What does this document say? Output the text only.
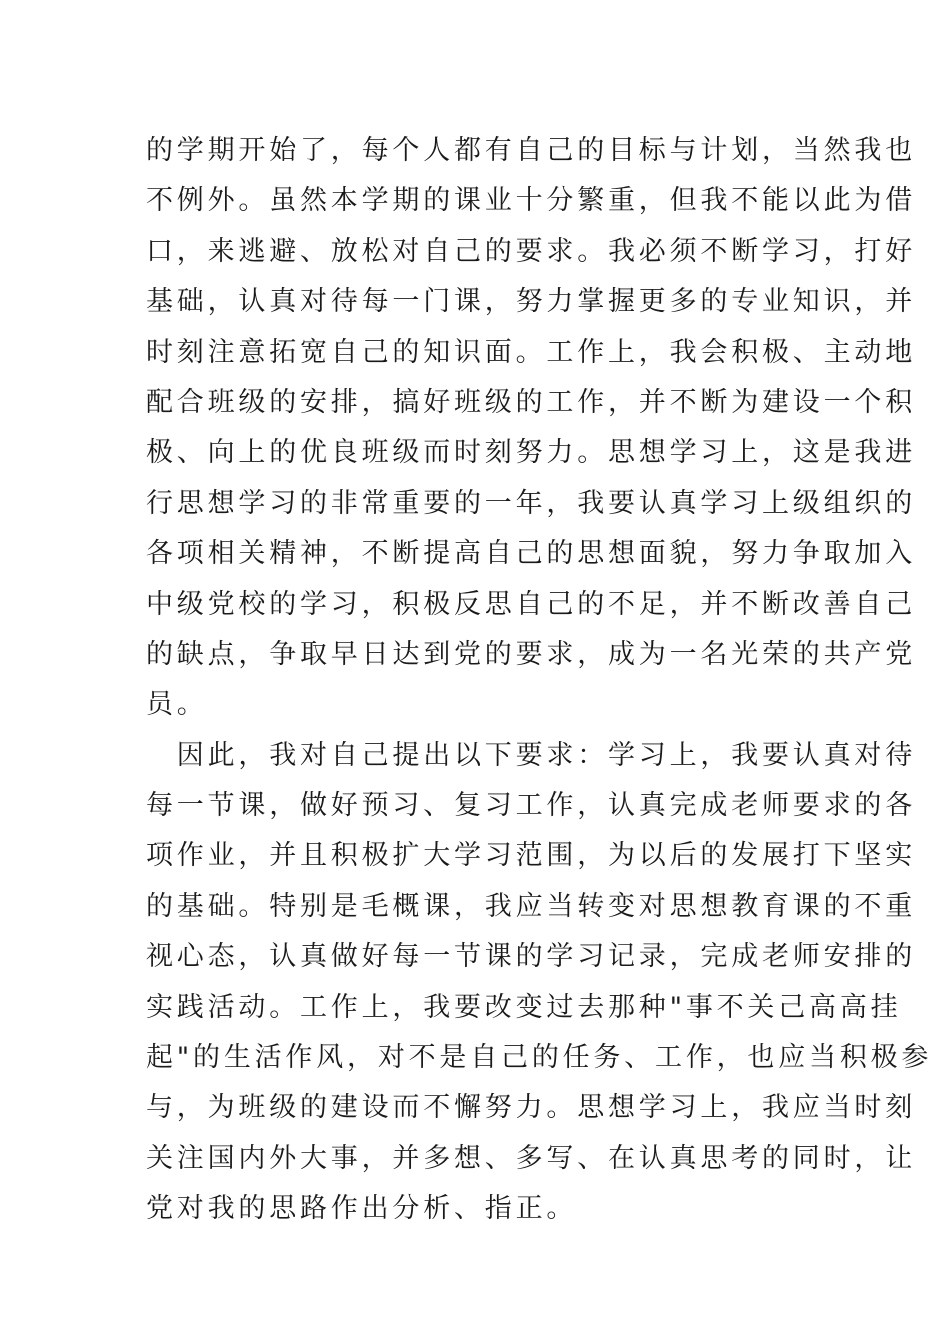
的学期开始了，每个人都有自己的目标与计划，当然我也
不例外。虽然本学期的课业十分繁重，但我不能以此为借
口，来逃避、放松对自己的要求。我必须不断学习，打好
基础，认真对待每一门课，努力掌握更多的专业知识，并
时刻注意拓宽自己的知识面。工作上，我会积极、主动地
配合班级的安排，搞好班级的工作，并不断为建设一个积
极、向上的优良班级而时刻努力。思想学习上，这是我进
行思想学习的非常重要的一年，我要认真学习上级组织的
各项相关精神，不断提高自己的思想面貌，努力争取加入
中级党校的学习，积极反思自己的不足，并不断改善自己
的缺点，争取早日达到党的要求，成为一名光荣的共产党
员。

　因此，我对自己提出以下要求：学习上，我要认真对待
每一节课，做好预习、复习工作，认真完成老师要求的各
项作业，并且积极扩大学习范围，为以后的发展打下坚实
的基础。特别是毛概课，我应当转变对思想教育课的不重
视心态，认真做好每一节课的学习记录，完成老师安排的
实践活动。工作上，我要改变过去那种"事不关己高高挂
起"的生活作风，对不是自己的任务、工作，也应当积极参
与，为班级的建设而不懈努力。思想学习上，我应当时刻
关注国内外大事，并多想、多写、在认真思考的同时，让
党对我的思路作出分析、指正。
